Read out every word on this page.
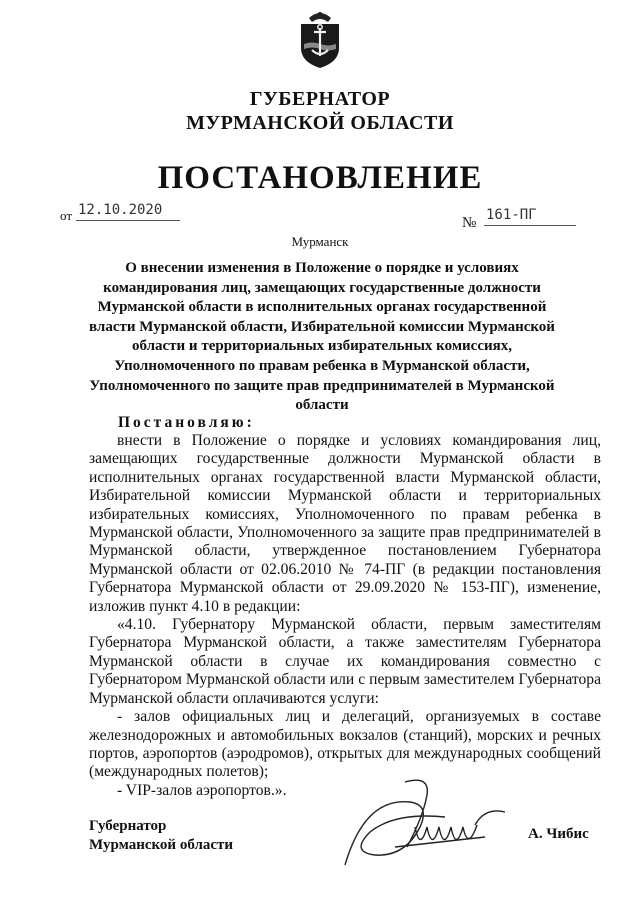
ГУБЕРНАТОР
МУРМАНСКОЙ ОБЛАСТИ
ПОСТАНОВЛЕНИЕ
от 12.10.2020
№ 161-ПГ
Мурманск
О внесении изменения в Положение о порядке и условиях командирования лиц, замещающих государственные должности Мурманской области в исполнительных органах государственной власти Мурманской области, Избирательной комиссии Мурманской области и территориальных избирательных комиссиях, Уполномоченного по правам ребенка в Мурманской области, Уполномоченного по защите прав предпринимателей в Мурманской области
Постановляю:

внести в Положение о порядке и условиях командирования лиц, замещающих государственные должности Мурманской области в исполнительных органах государственной власти Мурманской области, Избирательной комиссии Мурманской области и территориальных избирательных комиссиях, Уполномоченного по правам ребенка в Мурманской области, Уполномоченного за защите прав предпринимателей в Мурманской области, утвержденное постановлением Губернатора Мурманской области от 02.06.2010 № 74-ПГ (в редакции постановления Губернатора Мурманской области от 29.09.2020 № 153-ПГ), изменение, изложив пункт 4.10 в редакции:

«4.10. Губернатору Мурманской области, первым заместителям Губернатора Мурманской области, а также заместителям Губернатора Мурманской области в случае их командирования совместно с Губернатором Мурманской области или с первым заместителем Губернатора Мурманской области оплачиваются услуги:

- залов официальных лиц и делегаций, организуемых в составе железнодорожных и автомобильных вокзалов (станций), морских и речных портов, аэропортов (аэродромов), открытых для международных сообщений (международных полетов);

- VIP-залов аэропортов.».

Губернатор
Мурманской области
А. Чибис
